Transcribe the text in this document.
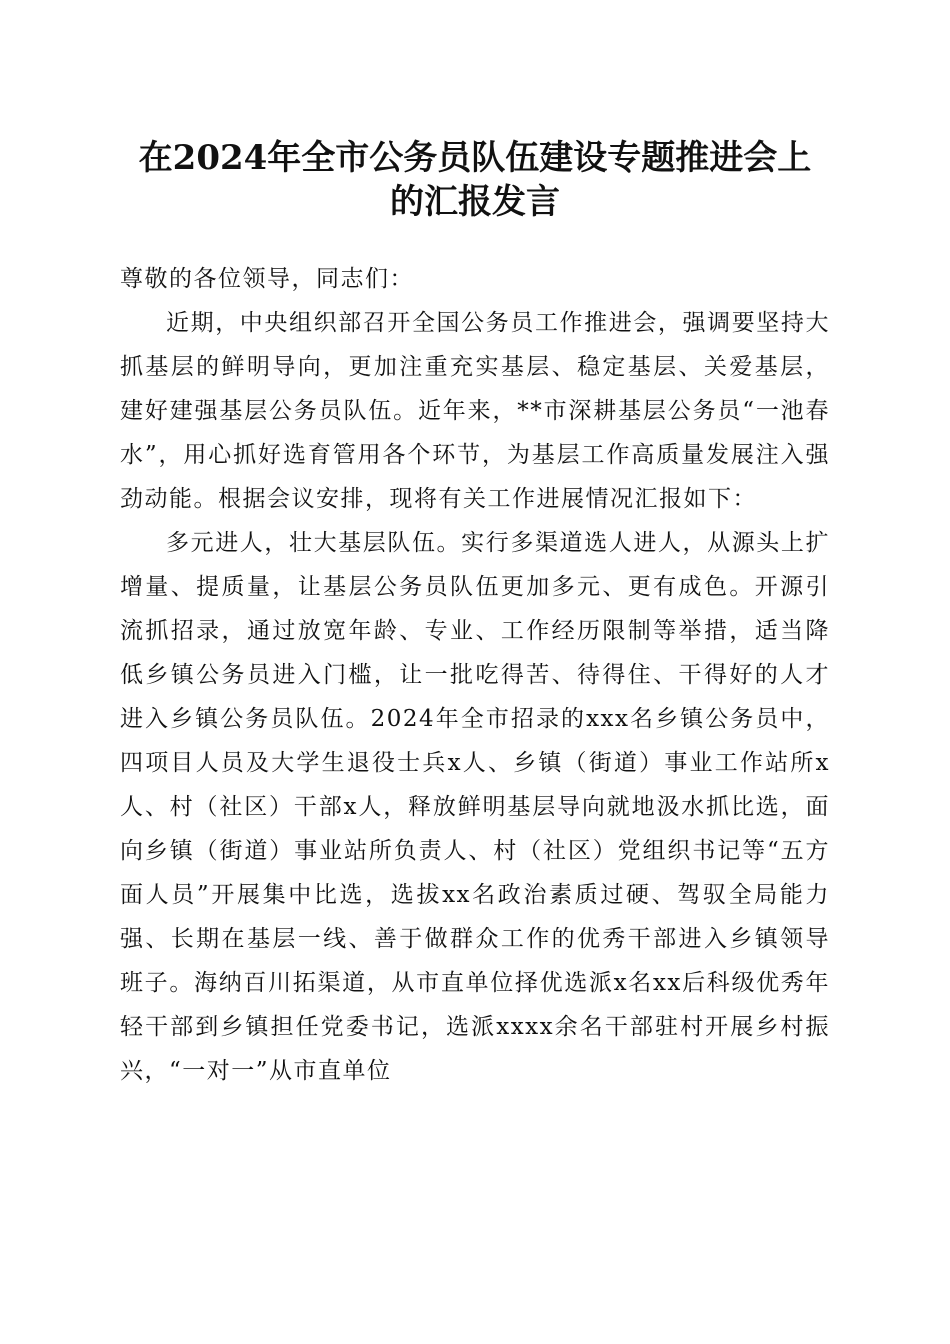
在2024年全市公务员队伍建设专题推进会上
的汇报发言

尊敬的各位领导，同志们：

近期，中央组织部召开全国公务员工作推进会，强调要坚持大抓基层的鲜明导向，更加注重充实基层、稳定基层、关爱基层，建好建强基层公务员队伍。近年来，**市深耕基层公务员“一池春水”，用心抓好选育管用各个环节，为基层工作高质量发展注入强劲动能。根据会议安排，现将有关工作进展情况汇报如下：

多元进人，壮大基层队伍。实行多渠道选人进人，从源头上扩增量、提质量，让基层公务员队伍更加多元、更有成色。开源引流抓招录，通过放宽年龄、专业、工作经历限制等举措，适当降低乡镇公务员进入门槛，让一批吃得苦、待得住、干得好的人才进入乡镇公务员队伍。2024年全市招录的xxx名乡镇公务员中，四项目人员及大学生退役士兵x人、乡镇（街道）事业工作站所x人、村（社区）干部x人，释放鲜明基层导向就地汲水抓比选，面向乡镇（街道）事业站所负责人、村（社区）党组织书记等“五方面人员”开展集中比选，选拔xx名政治素质过硬、驾驭全局能力强、长期在基层一线、善于做群众工作的优秀干部进入乡镇领导班子。海纳百川拓渠道，从市直单位择优选派x名xx后科级优秀年轻干部到乡镇担任党委书记，选派xxxx余名干部驻村开展乡村振兴，“一对一”从市直单位
